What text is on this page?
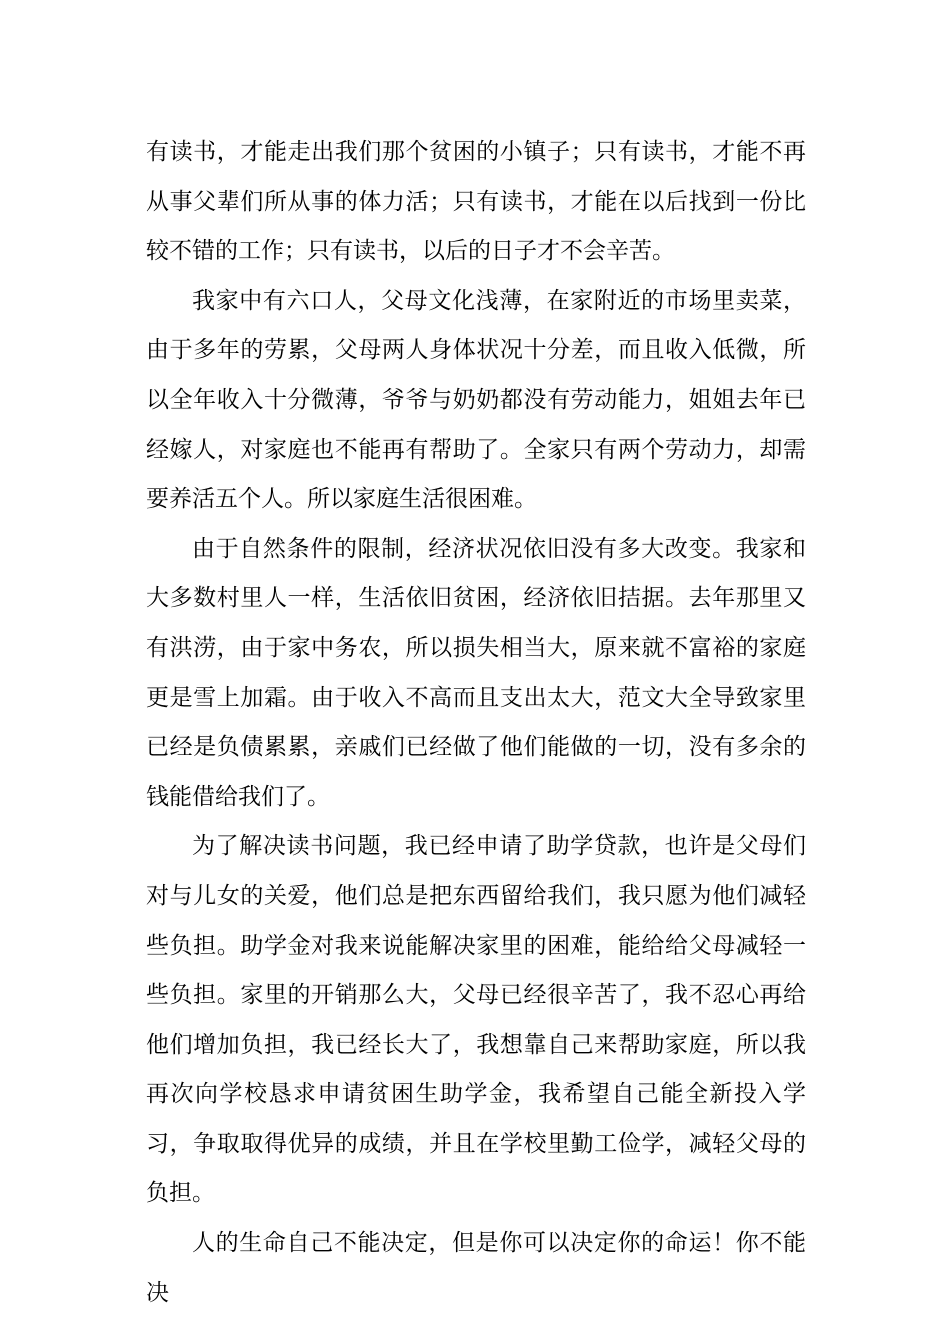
有读书，才能走出我们那个贫困的小镇子；只有读书，才能不再从事父辈们所从事的体力活；只有读书，才能在以后找到一份比较不错的工作；只有读书，以后的日子才不会辛苦。

我家中有六口人，父母文化浅薄，在家附近的市场里卖菜，由于多年的劳累，父母两人身体状况十分差，而且收入低微，所以全年收入十分微薄，爷爷与奶奶都没有劳动能力，姐姐去年已经嫁人，对家庭也不能再有帮助了。全家只有两个劳动力，却需要养活五个人。所以家庭生活很困难。

由于自然条件的限制，经济状况依旧没有多大改变。我家和大多数村里人一样，生活依旧贫困，经济依旧拮据。去年那里又有洪涝，由于家中务农，所以损失相当大，原来就不富裕的家庭更是雪上加霜。由于收入不高而且支出太大，范文大全导致家里已经是负债累累，亲戚们已经做了他们能做的一切，没有多余的钱能借给我们了。

为了解决读书问题，我已经申请了助学贷款，也许是父母们对与儿女的关爱，他们总是把东西留给我们，我只愿为他们减轻些负担。助学金对我来说能解决家里的困难，能给给父母减轻一些负担。家里的开销那么大，父母已经很辛苦了，我不忍心再给他们增加负担，我已经长大了，我想靠自己来帮助家庭，所以我再次向学校恳求申请贫困生助学金，我希望自己能全新投入学习，争取取得优异的成绩，并且在学校里勤工俭学，减轻父母的负担。

人的生命自己不能决定，但是你可以决定你的命运！你不能决
